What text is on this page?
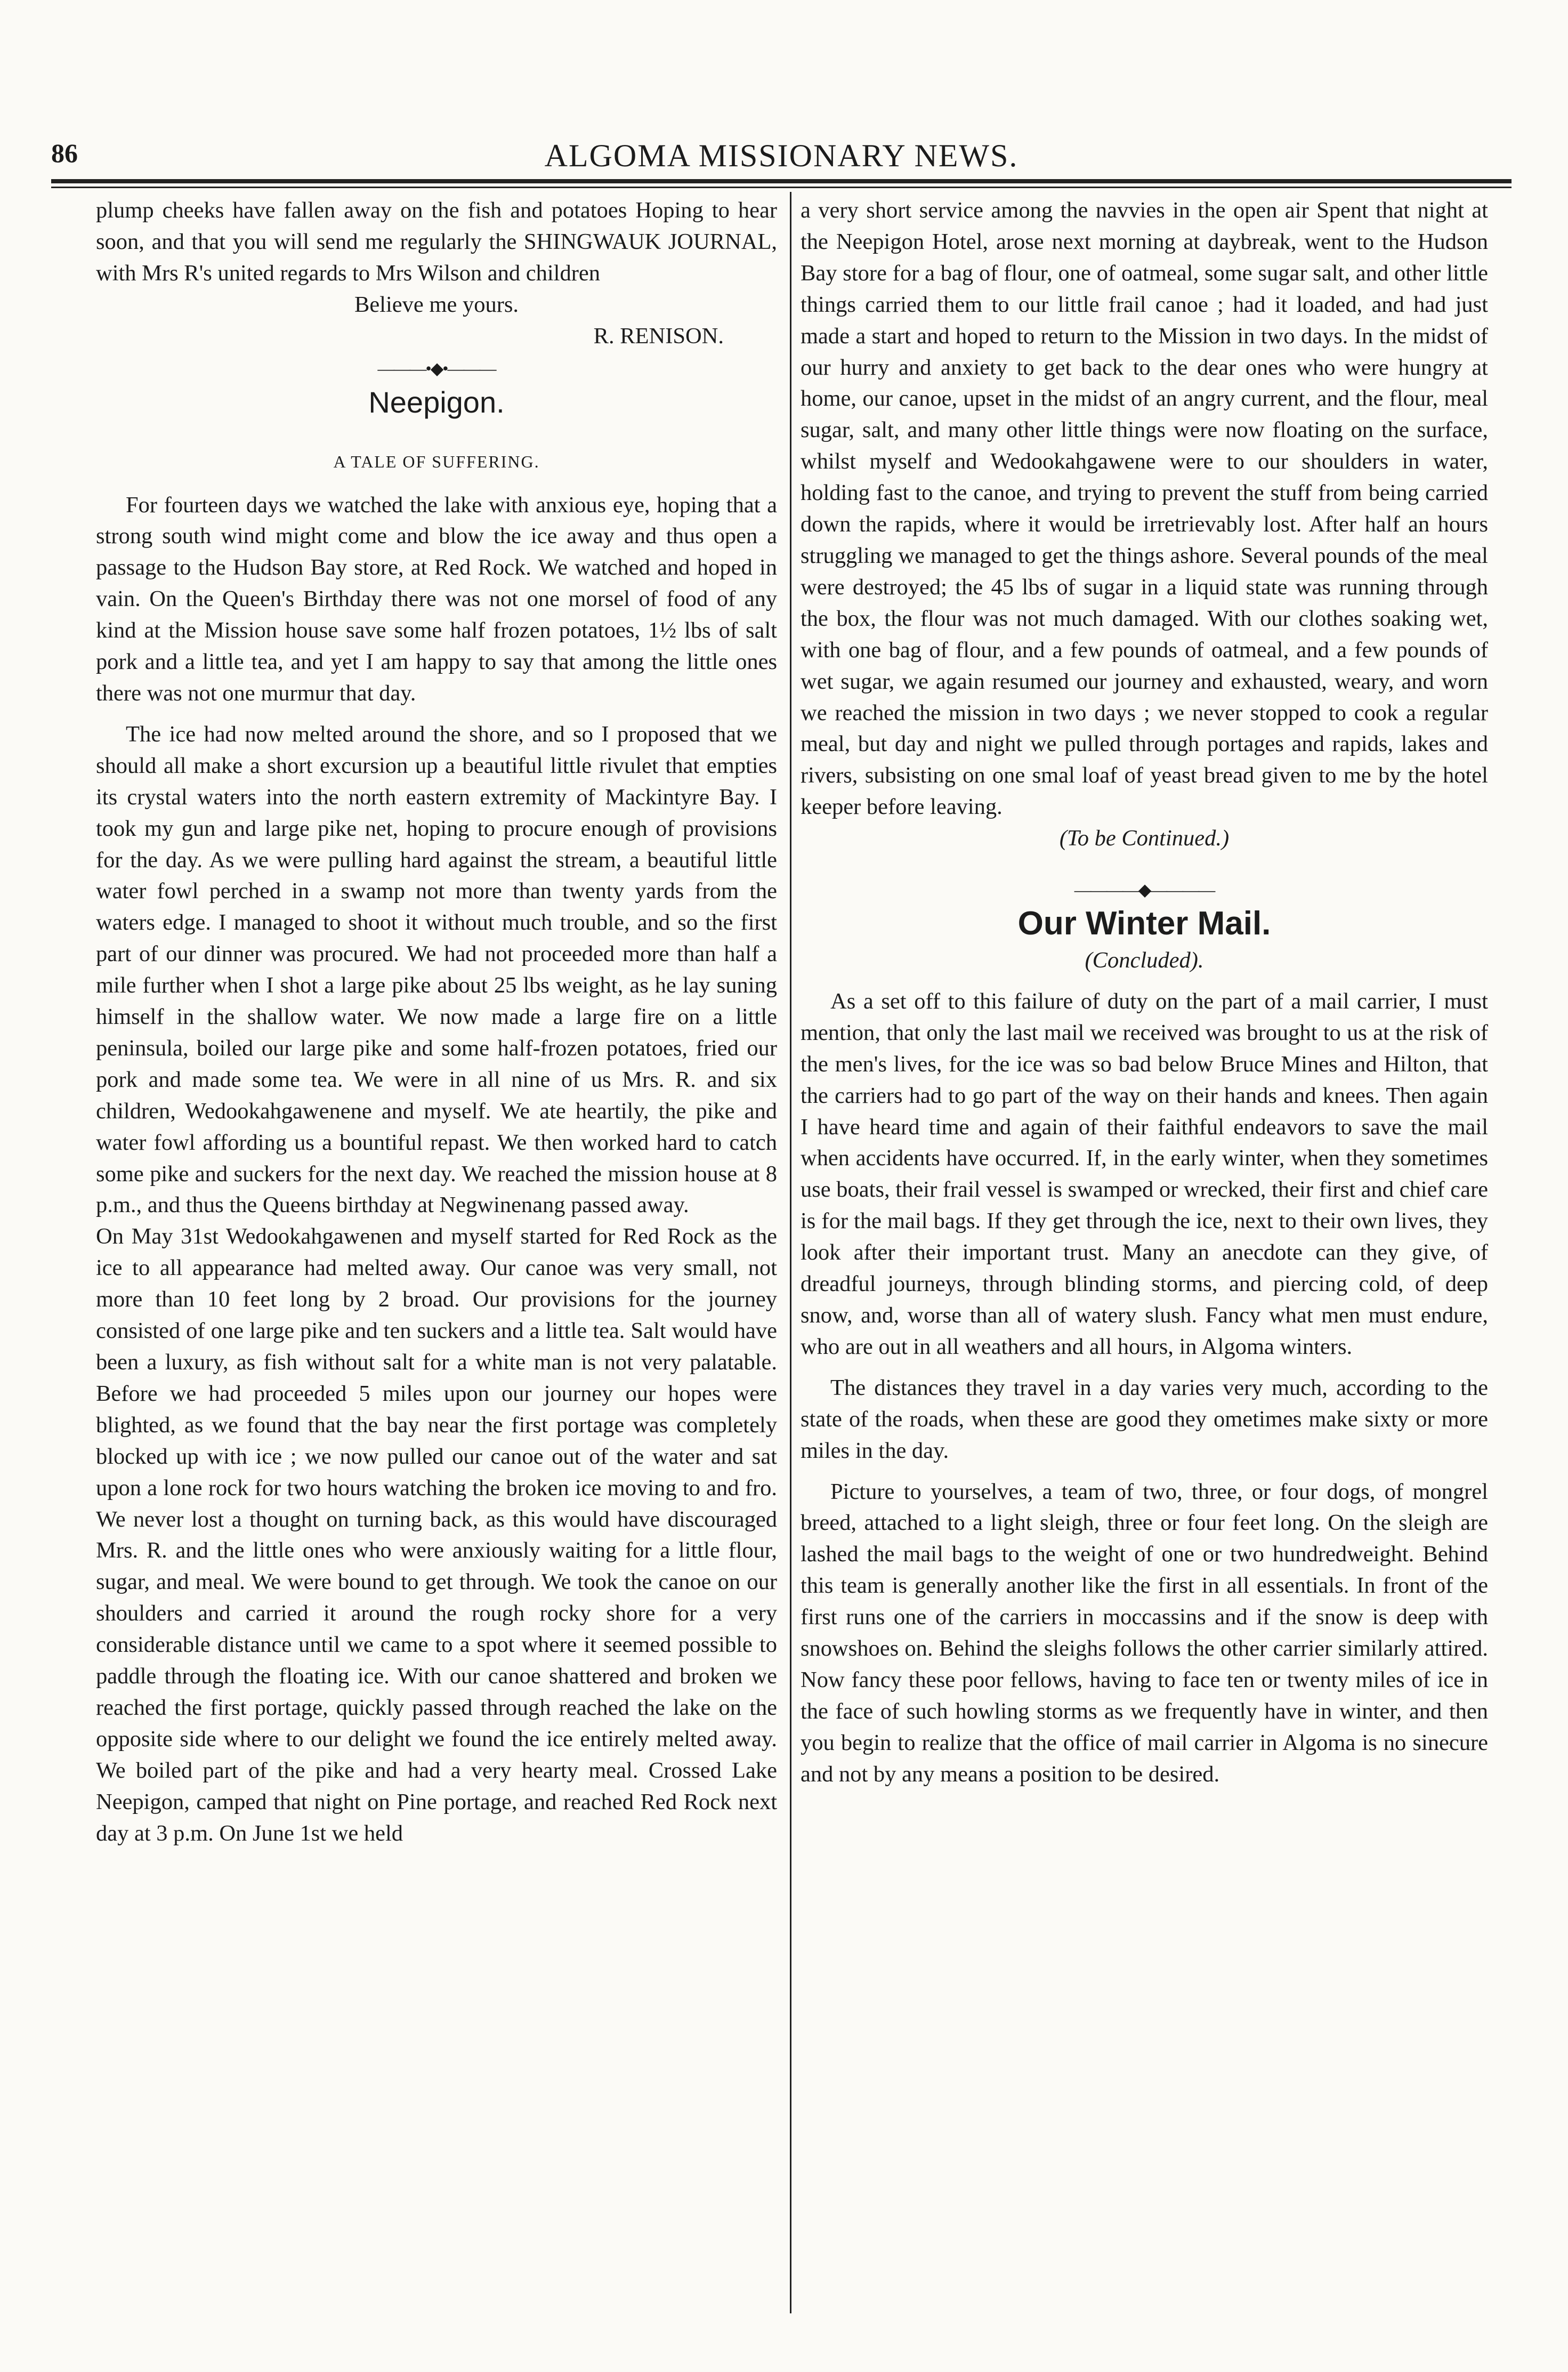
86	ALGOMA MISSIONARY NEWS.

plump cheeks have fallen away on the fish and potatoes Hoping to hear soon, and that you will send me regularly the SHINGWAUK JOURNAL, with Mrs R's united regards to Mrs Wilson and children

Believe me yours.

R. RENISON.

———•◆•———

Neepigon.

A TALE OF SUFFERING.

For fourteen days we watched the lake with anxious eye, hoping that a strong south wind might come and blow the ice away and thus open a passage to the Hudson Bay store, at Red Rock. We watched and hoped in vain. On the Queen's Birthday there was not one morsel of food of any kind at the Mission house save some half frozen potatoes, 1½ lbs of salt pork and a little tea, and yet I am happy to say that among the little ones there was not one murmur that day.

The ice had now melted around the shore, and so I proposed that we should all make a short excursion up a beautiful little rivulet that empties its crystal waters into the north eastern extremity of Mackintyre Bay. I took my gun and large pike net, hoping to procure enough of provisions for the day. As we were pulling hard against the stream, a beautiful little water fowl perched in a swamp not more than twenty yards from the waters edge. I managed to shoot it without much trouble, and so the first part of our dinner was procured. We had not proceeded more than half a mile further when I shot a large pike about 25 lbs weight, as he lay suning himself in the shallow water. We now made a large fire on a little peninsula, boiled our large pike and some half-frozen potatoes, fried our pork and made some tea. We were in all nine of us Mrs. R. and six children, Wedookahgawenene and myself. We ate heartily, the pike and water fowl affording us a bountiful repast. We then worked hard to catch some pike and suckers for the next day. We reached the mission house at 8 p.m., and thus the Queens birthday at Negwinenang passed away.

On May 31st Wedookahgawenen and myself started for Red Rock as the ice to all appearance had melted away. Our canoe was very small, not more than 10 feet long by 2 broad. Our provisions for the journey consisted of one large pike and ten suckers and a little tea. Salt would have been a luxury, as fish without salt for a white man is not very palatable. Before we had proceeded 5 miles upon our journey our hopes were blighted, as we found that the bay near the first portage was completely blocked up with ice ; we now pulled our canoe out of the water and sat upon a lone rock for two hours watching the broken ice moving to and fro. We never lost a thought on turning back, as this would have discouraged Mrs. R. and the little ones who were anxiously waiting for a little flour, sugar, and meal. We were bound to get through. We took the canoe on our shoulders and carried it around the rough rocky shore for a very considerable distance until we came to a spot where it seemed possible to paddle through the floating ice. With our canoe shattered and broken we reached the first portage, quickly passed through reached the lake on the opposite side where to our delight we found the ice entirely melted away. We boiled part of the pike and had a very hearty meal. Crossed Lake Neepigon, camped that night on Pine portage, and reached Red Rock next day at 3 p.m. On June 1st we held

a very short service among the navvies in the open air Spent that night at the Neepigon Hotel, arose next morning at daybreak, went to the Hudson Bay store for a bag of flour, one of oatmeal, some sugar salt, and other little things carried them to our little frail canoe ; had it loaded, and had just made a start and hoped to return to the Mission in two days. In the midst of our hurry and anxiety to get back to the dear ones who were hungry at home, our canoe, upset in the midst of an angry current, and the flour, meal sugar, salt, and many other little things were now floating on the surface, whilst myself and Wedookahgawene were to our shoulders in water, holding fast to the canoe, and trying to prevent the stuff from being carried down the rapids, where it would be irretrievably lost. After half an hours struggling we managed to get the things ashore. Several pounds of the meal were destroyed; the 45 lbs of sugar in a liquid state was running through the box, the flour was not much damaged. With our clothes soaking wet, with one bag of flour, and a few pounds of oatmeal, and a few pounds of wet sugar, we again resumed our journey and exhausted, weary, and worn we reached the mission in two days ; we never stopped to cook a regular meal, but day and night we pulled through portages and rapids, lakes and rivers, subsisting on one smal loaf of yeast bread given to me by the hotel keeper before leaving.

(To be Continued.)

————◆————

Our Winter Mail.

(Concluded).

As a set off to this failure of duty on the part of a mail carrier, I must mention, that only the last mail we received was brought to us at the risk of the men's lives, for the ice was so bad below Bruce Mines and Hilton, that the carriers had to go part of the way on their hands and knees. Then again I have heard time and again of their faithful endeavors to save the mail when accidents have occurred. If, in the early winter, when they sometimes use boats, their frail vessel is swamped or wrecked, their first and chief care is for the mail bags. If they get through the ice, next to their own lives, they look after their important trust. Many an anecdote can they give, of dreadful journeys, through blinding storms, and piercing cold, of deep snow, and, worse than all of watery slush. Fancy what men must endure, who are out in all weathers and all hours, in Algoma winters.

The distances they travel in a day varies very much, according to the state of the roads, when these are good they ometimes make sixty or more miles in the day.

Picture to yourselves, a team of two, three, or four dogs, of mongrel breed, attached to a light sleigh, three or four feet long. On the sleigh are lashed the mail bags to the weight of one or two hundredweight. Behind this team is generally another like the first in all essentials. In front of the first runs one of the carriers in moccassins and if the snow is deep with snowshoes on. Behind the sleighs follows the other carrier similarly attired. Now fancy these poor fellows, having to face ten or twenty miles of ice in the face of such howling storms as we frequently have in winter, and then you begin to realize that the office of mail carrier in Algoma is no sinecure and not by any means a position to be desired.
